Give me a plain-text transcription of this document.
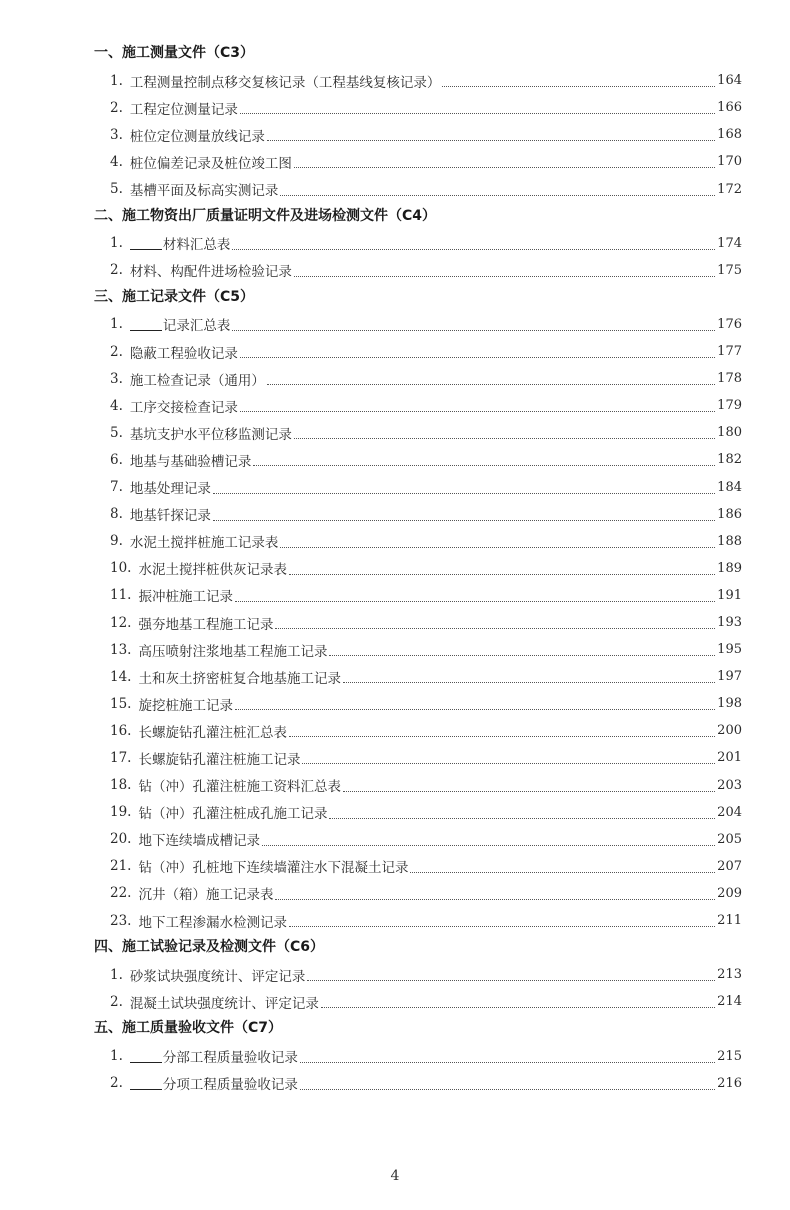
一、施工测量文件（C3）
1. 工程测量控制点移交复核记录（工程基线复核记录）	164
2. 工程定位测量记录	166
3. 桩位定位测量放线记录	168
4. 桩位偏差记录及桩位竣工图	170
5. 基槽平面及标高实测记录	172
二、施工物资出厂质量证明文件及进场检测文件（C4）
1.	材料汇总表	174
2. 材料、构配件进场检验记录	175
三、施工记录文件（C5）
1.	记录汇总表	176
2. 隐蔽工程验收记录	177
3. 施工检查记录（通用）	178
4. 工序交接检查记录	179
5. 基坑支护水平位移监测记录	180
6. 地基与基础验槽记录	182
7. 地基处理记录	184
8. 地基钎探记录	186
9. 水泥土搅拌桩施工记录表	188
10. 水泥土搅拌桩供灰记录表	189
11. 振冲桩施工记录	191
12. 强夯地基工程施工记录	193
13. 高压喷射注浆地基工程施工记录	195
14. 土和灰土挤密桩复合地基施工记录	197
15. 旋挖桩施工记录	198
16. 长螺旋钻孔灌注桩汇总表	200
17. 长螺旋钻孔灌注桩施工记录	201
18. 钻（冲）孔灌注桩施工资料汇总表	203
19. 钻（冲）孔灌注桩成孔施工记录	204
20. 地下连续墙成槽记录	205
21. 钻（冲）孔桩地下连续墙灌注水下混凝土记录	207
22. 沉井（箱）施工记录表	209
23. 地下工程渗漏水检测记录	211
四、施工试验记录及检测文件（C6）
1. 砂浆试块强度统计、评定记录	213
2. 混凝土试块强度统计、评定记录	214
五、施工质量验收文件（C7）
1.	分部工程质量验收记录	215
2.	分项工程质量验收记录	216
4
